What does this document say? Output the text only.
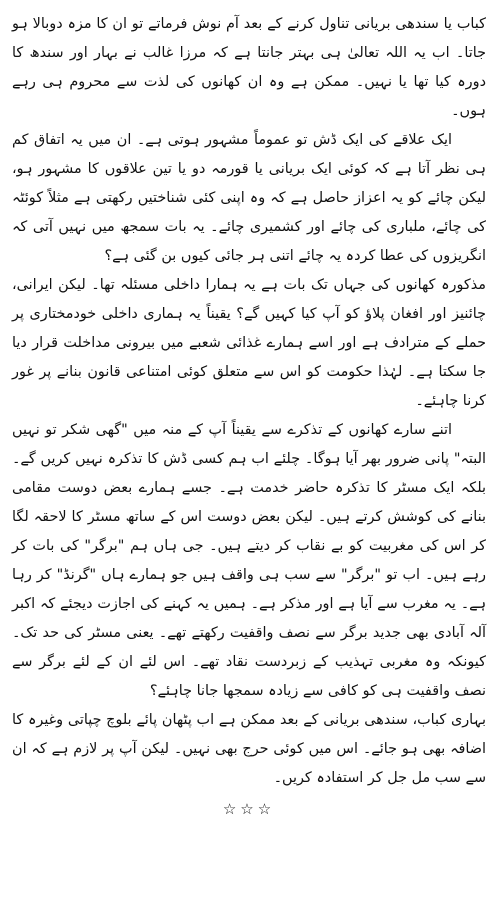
کباب یا سندھی بریانی تناول کرنے کے بعد آم نوش فرماتے تو ان کا مزہ دوبالا ہو جاتا۔ اب یہ اللہ تعالیٰ ہی بہتر جانتا ہے کہ مرزا غالب نے بہار اور سندھ کا دورہ کیا تھا یا نہیں۔ ممکن ہے وہ ان کھانوں کی لذت سے محروم ہی رہے ہوں۔

ایک علاقے کی ایک ڈش تو عموماً مشہور ہوتی ہے۔ ان میں یہ اتفاق کم ہی نظر آتا ہے کہ کوئی ایک بریانی یا قورمہ دو یا تین علاقوں کا مشہور ہو، لیکن چائے کو یہ اعزاز حاصل ہے کہ وہ اپنی کئی شناختیں رکھتی ہے مثلاً کوئٹہ کی چائے، ملباری کی چائے اور کشمیری چائے۔ یہ بات سمجھ میں نہیں آتی کہ انگریزوں کی عطا کردہ یہ چائے اتنی ہر جائی کیوں بن گئی ہے؟

مذکورہ کھانوں کی جہاں تک بات ہے یہ ہمارا داخلی مسئلہ تھا۔ لیکن ایرانی، چائنیز اور افغان پلاؤ کو آپ کیا کہیں گے؟ یقیناً یہ ہماری داخلی خودمختاری پر حملے کے مترادف ہے اور اسے ہمارے غذائی شعبے میں بیرونی مداخلت قرار دیا جا سکتا ہے۔ لہٰذا حکومت کو اس سے متعلق کوئی امتناعی قانون بنانے پر غور کرنا چاہئے۔

اتنے سارے کھانوں کے تذکرے سے یقیناً آپ کے منہ میں "گھی شکر تو نہیں البتہ" پانی ضرور بھر آیا ہوگا۔ چلئے اب ہم کسی ڈش کا تذکرہ نہیں کریں گے۔ بلکہ ایک مسٹر کا تذکرہ حاضر خدمت ہے۔ جسے ہمارے بعض دوست مقامی بنانے کی کوشش کرتے ہیں۔ لیکن بعض دوست اس کے ساتھ مسٹر کا لاحقہ لگا کر اس کی مغربیت کو بے نقاب کر دیتے ہیں۔ جی ہاں ہم "برگر" کی بات کر رہے ہیں۔ اب تو "برگر" سے سب ہی واقف ہیں جو ہمارے ہاں "گرنڈ" کر رہا ہے۔ یہ مغرب سے آیا ہے اور مذکر ہے۔ ہمیں یہ کہنے کی اجازت دیجئے کہ اکبر آلہ آبادی بھی جدید برگر سے نصف واقفیت رکھتے تھے۔ یعنی مسٹر کی حد تک۔ کیونکہ وہ مغربی تہذیب کے زبردست نقاد تھے۔ اس لئے ان کے لئے برگر سے نصف واقفیت ہی کو کافی سے زیادہ سمجھا جانا چاہئے؟

بہاری کباب، سندھی بریانی کے بعد ممکن ہے اب پٹھان پائے بلوچ چپاتی وغیرہ کا اضافہ بھی ہو جائے۔ اس میں کوئی حرج بھی نہیں۔ لیکن آپ پر لازم ہے کہ ان سے سب مل جل کر استفادہ کریں۔

☆☆☆
